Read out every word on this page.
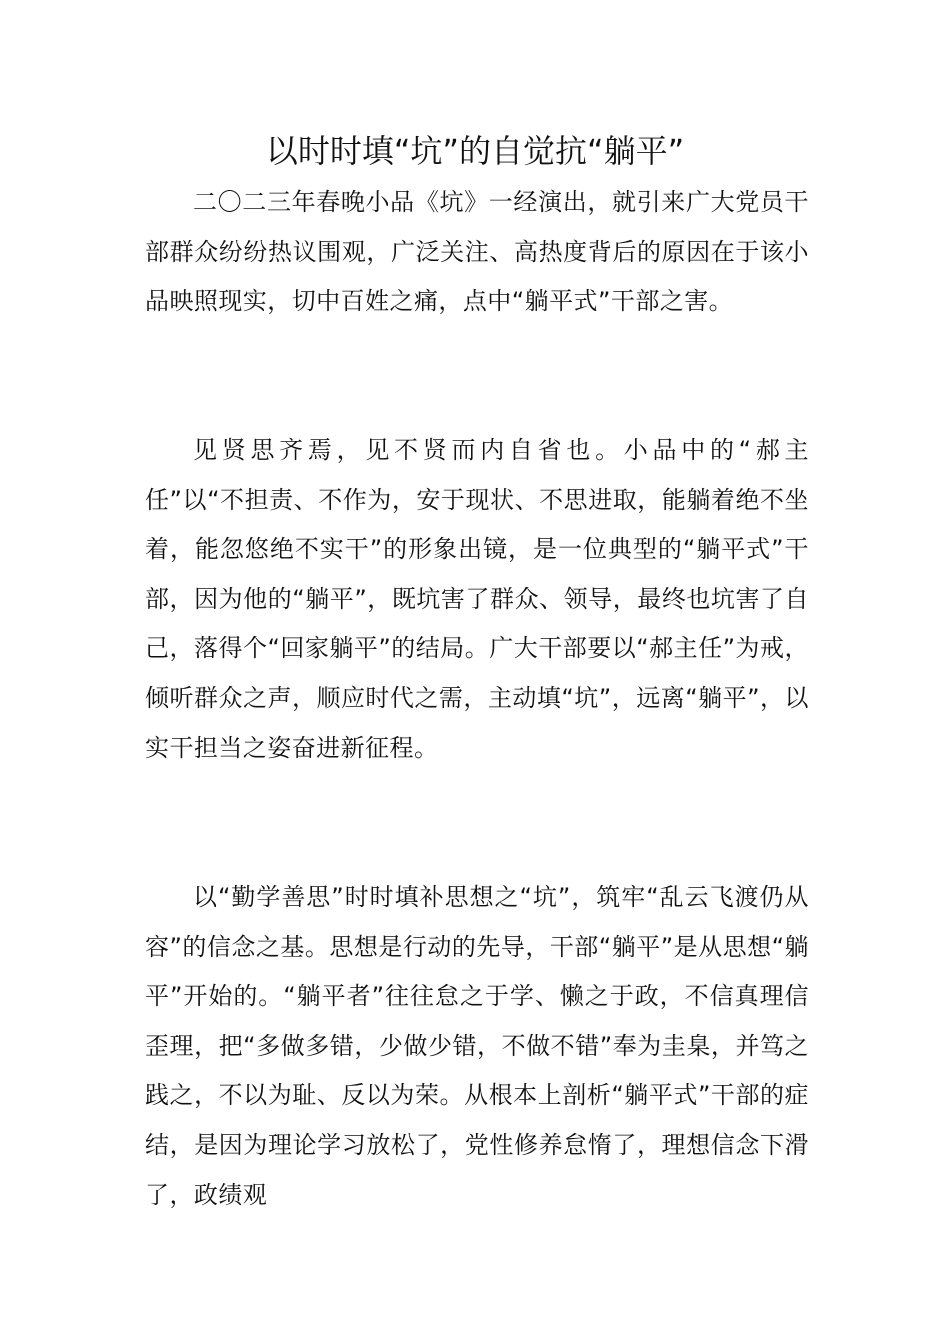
以时时填“坑”的自觉抗“躺平”

二〇二三年春晚小品《坑》一经演出，就引来广大党员干部群众纷纷热议围观，广泛关注、高热度背后的原因在于该小品映照现实，切中百姓之痛，点中“躺平式”干部之害。

见贤思齐焉，见不贤而内自省也。小品中的“郝主任”以“不担责、不作为，安于现状、不思进取，能躺着绝不坐着，能忽悠绝不实干”的形象出镜，是一位典型的“躺平式”干部，因为他的“躺平”，既坑害了群众、领导，最终也坑害了自己，落得个“回家躺平”的结局。广大干部要以“郝主任”为戒，倾听群众之声，顺应时代之需，主动填“坑”，远离“躺平”，以实干担当之姿奋进新征程。

以“勤学善思”时时填补思想之“坑”，筑牢“乱云飞渡仍从容”的信念之基。思想是行动的先导，干部“躺平”是从思想“躺平”开始的。“躺平者”往往怠之于学、懒之于政，不信真理信歪理，把“多做多错，少做少错，不做不错”奉为圭臬，并笃之践之，不以为耻、反以为荣。从根本上剖析“躺平式”干部的症结，是因为理论学习放松了，党性修养怠惰了，理想信念下滑了，政绩观
